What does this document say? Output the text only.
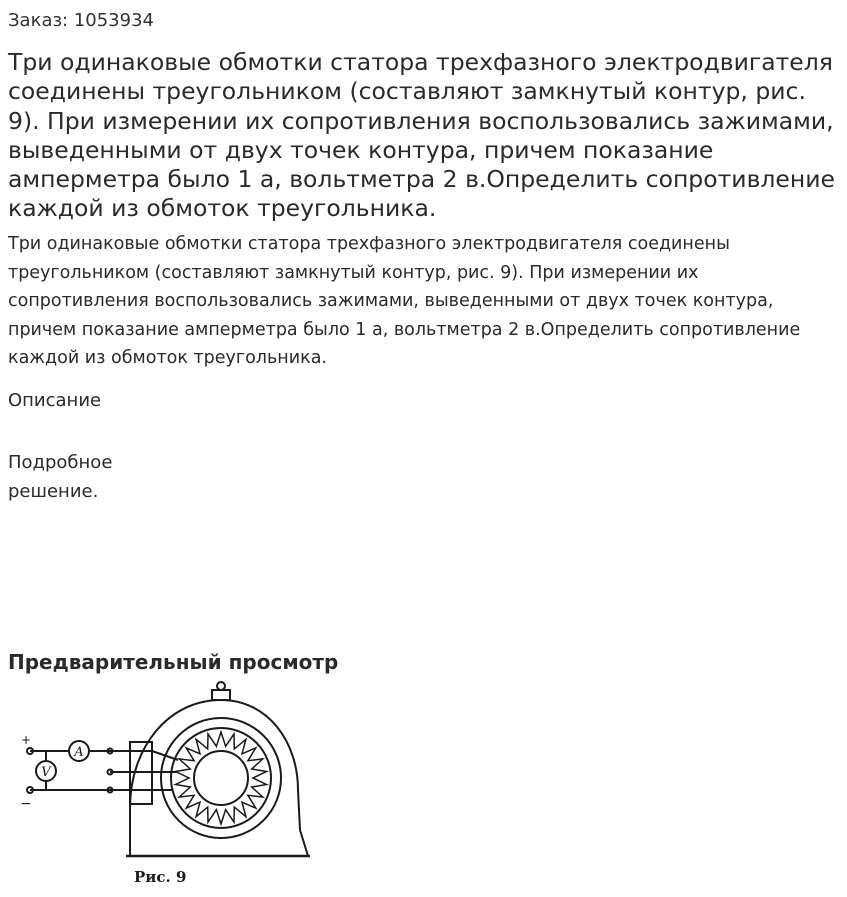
Заказ: 1053934
Три одинаковые обмотки статора трехфазного электродвигателя соединены треугольником (составляют замкнутый контур, рис. 9). При измерении их сопротивления воспользовались зажимами, выведенными от двух точек контура, причем показание амперметра было 1 а, вольтметра 2 в.Определить сопротивление каждой из обмоток треугольника.

Три одинаковые обмотки статора трехфазного электродвигателя соединены треугольником (составляют замкнутый контур, рис. 9). При измерении их сопротивления воспользовались зажимами, выведенными от двух точек контура, причем показание амперметра было 1 а, вольтметра 2 в.Определить сопротивление каждой из обмоток треугольника.

Описание
Подробное решение.
Предварительный просмотр
A
V
+
−
Рис. 9
